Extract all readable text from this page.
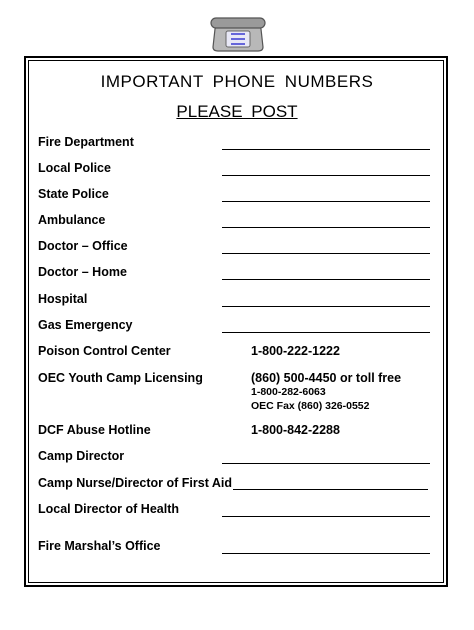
IMPORTANT PHONE NUMBERS
PLEASE POST
Fire Department
Local Police
State Police
Ambulance
Doctor – Office
Doctor – Home
Hospital
Gas Emergency
Poison Control Center	1-800-222-1222
OEC Youth Camp Licensing	(860) 500-4450 or toll free
1-800-282-6063
OEC Fax (860) 326-0552
DCF Abuse Hotline	1-800-842-2288
Camp Director
Camp Nurse/Director of First Aid
Local Director of Health
Fire Marshal’s Office
